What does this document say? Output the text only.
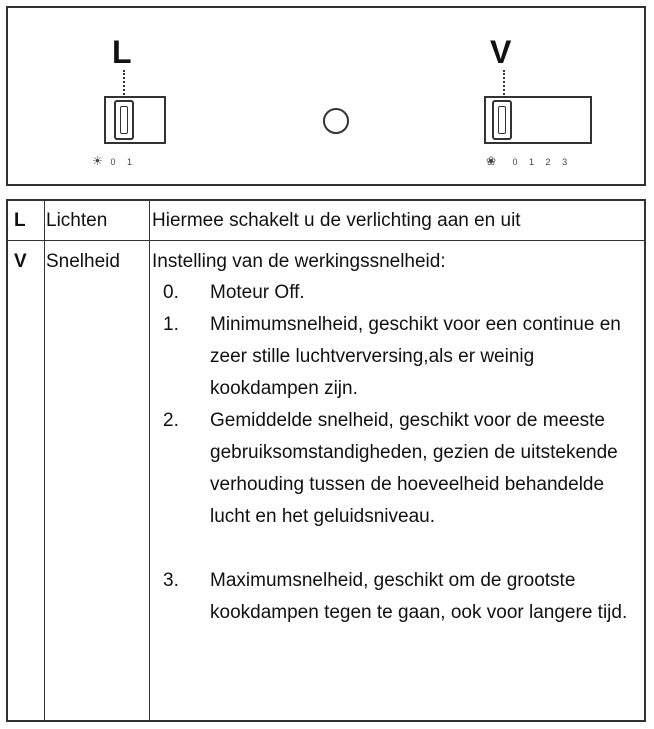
L
☀ 0 1
V
❀ 0 1 2 3
L Lichten Hiermee schakelt u de verlichting aan en uit
V Snelheid Instelling van de werkingssnelheid:
0. Moteur Off.
1. Minimumsnelheid, geschikt voor een continue en zeer stille luchtverversing,als er weinig kookdampen zijn.
2. Gemiddelde snelheid, geschikt voor de meeste gebruiksomstandigheden, gezien de uitstekende verhouding tussen de hoeveelheid behandelde lucht en het geluidsniveau.
3. Maximumsnelheid, geschikt om de grootste kookdampen tegen te gaan, ook voor langere tijd.
